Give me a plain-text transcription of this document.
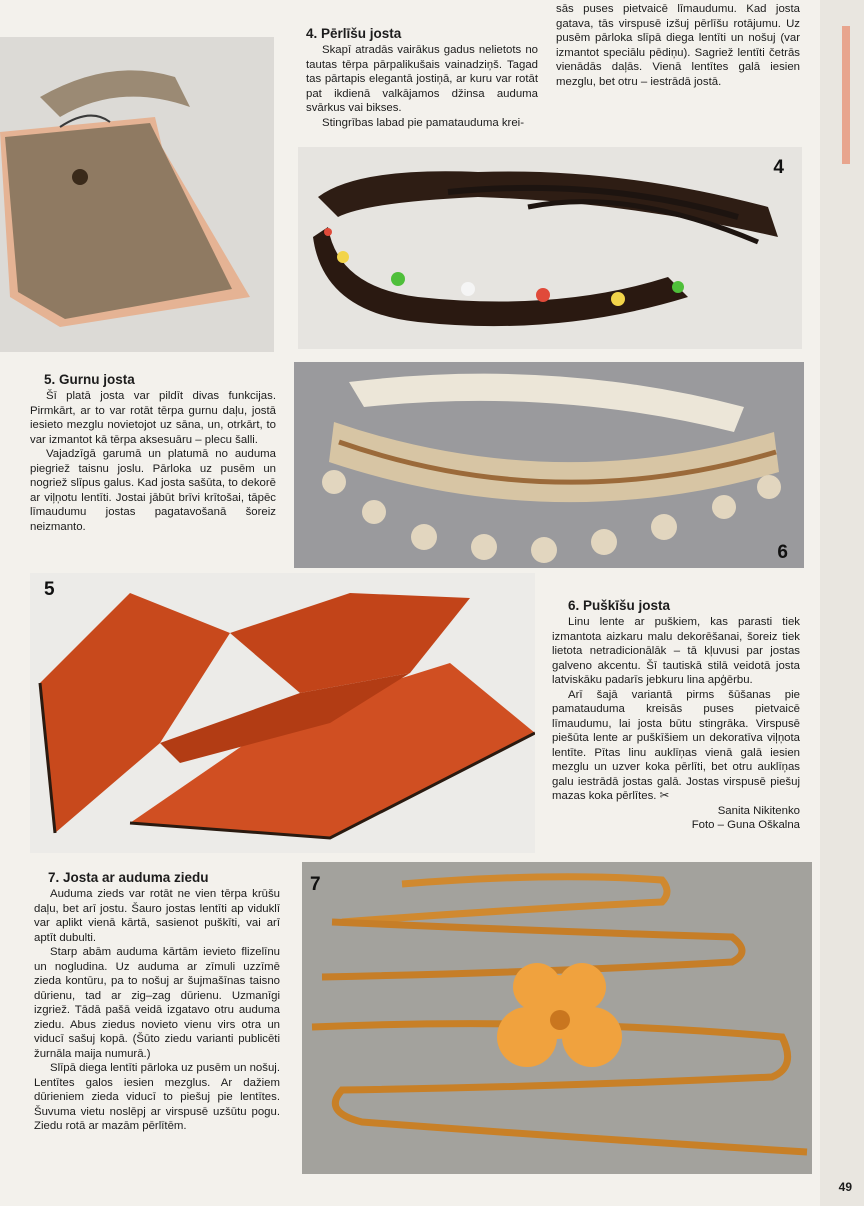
4
6
5
7
4. Pērlīšu josta

Skapī atradās vairākus gadus nelietots no tautas tērpa pārpalikušais vainadziņš. Tagad tas pārtapis elegantā jostiņā, ar kuru var rotāt pat ikdienā valkājamos džinsa auduma svārkus vai bikses.

Stingrības labad pie pamatauduma krei-

sās puses pietvaicē līmaudumu. Kad josta gatava, tās virspusē izšuj pērlīšu rotājumu. Uz pusēm pārloka slīpā diega lentīti un nošuj (var izmantot speciālu pēdiņu). Sagriež lentīti četrās vienādās daļās. Vienā lentītes galā iesien mezglu, bet otru – iestrādā jostā.

5. Gurnu josta

Šī platā josta var pildīt divas funkcijas. Pirmkārt, ar to var rotāt tērpa gurnu daļu, jostā iesieto mezglu novietojot uz sāna, un, otrkārt, to var izmantot kā tērpa aksesuāru – plecu šalli.

Vajadzīgā garumā un platumā no auduma piegriež taisnu joslu. Pārloka uz pusēm un nogriež slīpus galus. Kad josta sašūta, to dekorē ar viļņotu lentīti. Jostai jābūt brīvi krītošai, tāpēc līmaudumu jostas pagatavošanā šoreiz neizmanto.

6. Puškīšu josta

Linu lente ar puškiem, kas parasti tiek izmantota aizkaru malu dekorēšanai, šoreiz tiek lietota netradicionālāk – tā kļuvusi par jostas galveno akcentu. Šī tautiskā stilā veidotā josta latviskāku padarīs jebkuru lina apģērbu.

Arī šajā variantā pirms šūšanas pie pamatauduma kreisās puses pietvaicē līmaudumu, lai josta būtu stingrāka. Virspusē piešūta lente ar puškīšiem un dekoratīva viļņota lentīte. Pītas linu auklīņas vienā galā iesien mezglu un uzver koka pērlīti, bet otru auklīņas galu iestrādā jostas galā. Jostas virspusē piešuj mazas koka pērlītes. ✂

Sanita Nikitenko
Foto – Guna Oškalna
7. Josta ar auduma ziedu

Auduma zieds var rotāt ne vien tērpa krūšu daļu, bet arī jostu. Šauro jostas lentīti ap viduklī var aplikt vienā kārtā, sasienot puškīti, vai arī aptīt dubulti.

Starp abām auduma kārtām ievieto flizelīnu un nogludina. Uz auduma ar zīmuli uzzīmē zieda kontūru, pa to nošuj ar šujmašīnas taisno dūrienu, tad ar zig–zag dūrienu. Uzmanīgi izgriež. Tādā pašā veidā izgatavo otru auduma ziedu. Abus ziedus novieto vienu virs otra un viducī sašuj kopā. (Šūto ziedu varianti publicēti žurnāla maija numurā.)

Slīpā diega lentīti pārloka uz pusēm un nošuj. Lentītes galos iesien mezglus. Ar dažiem dūrieniem zieda viducī to piešuj pie lentītes. Šuvuma vietu noslēpj ar virspusē uzšūtu pogu. Ziedu rotā ar mazām pērlītēm.

49
